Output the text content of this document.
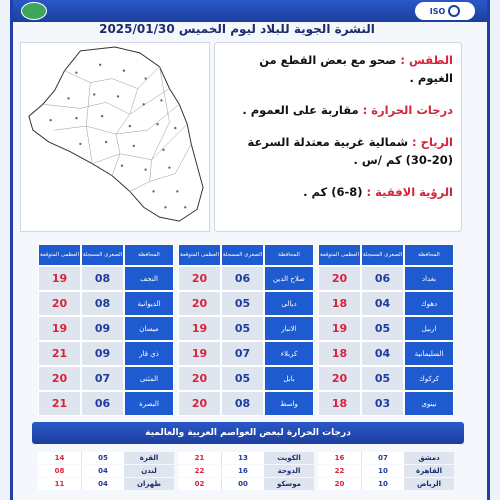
ISO
النشرة الجوية للبلاد ليوم الخميس 2025/01/30
الطقس : صحو مع بعض القطع من الغيوم .
درجات الحرارة : مقاربة على العموم .
الرياح : شمالية غربية معتدلة السرعة (20-30) كم /س .
الرؤية الافقية : (8-6) كم .
المحافظة
الصغرى المسجلة
العظمى المتوقعة
بغداد
06
20
دهوك
04
18
اربيل
05
19
السليمانية
04
18
كركوك
05
20
نينوى
03
18
المحافظة
الصغرى المسجلة
العظمى المتوقعة
صلاح الدين
06
20
ديالى
05
20
الانبار
05
19
كربلاء
07
19
بابل
05
20
واسط
08
20
المحافظة
الصغرى المسجلة
العظمى المتوقعة
النجف
08
19
الديوانية
08
20
ميسان
09
19
ذي قار
09
21
المثنى
07
20
البصرة
06
21
درجات الحرارة لبعض العواصم العربية والعالمية
دمشق
07
16
القاهرة
10
22
الرياض
10
20
الكويت
13
21
الدوحة
16
22
موسكو
00
02
القرة
05
14
لندن
04
08
طهران
04
11
